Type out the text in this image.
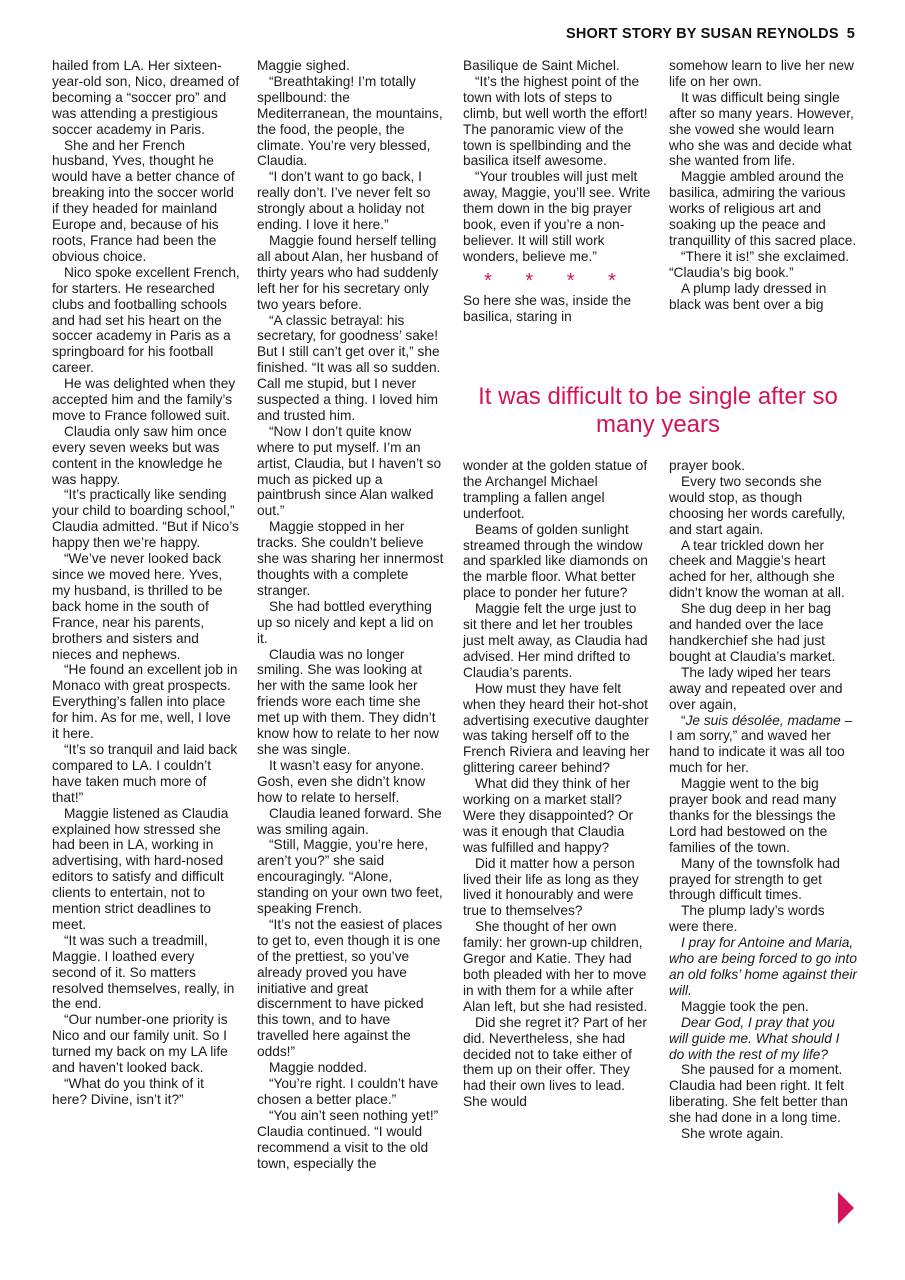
SHORT STORY BY SUSAN REYNOLDS 5

hailed from LA. Her sixteen-year-old son, Nico, dreamed of becoming a “soccer pro” and was attending a prestigious soccer academy in Paris.

She and her French husband, Yves, thought he would have a better chance of breaking into the soccer world if they headed for mainland Europe and, because of his roots, France had been the obvious choice.

Nico spoke excellent French, for starters. He researched clubs and footballing schools and had set his heart on the soccer academy in Paris as a springboard for his football career.

He was delighted when they accepted him and the family’s move to France followed suit.

Claudia only saw him once every seven weeks but was content in the knowledge he was happy.

“It’s practically like sending your child to boarding school,” Claudia admitted. “But if Nico’s happy then we’re happy.

“We’ve never looked back since we moved here. Yves, my husband, is thrilled to be back home in the south of France, near his parents, brothers and sisters and nieces and nephews.

“He found an excellent job in Monaco with great prospects. Everything’s fallen into place for him. As for me, well, I love it here.

“It’s so tranquil and laid back compared to LA. I couldn’t have taken much more of that!”

Maggie listened as Claudia explained how stressed she had been in LA, working in advertising, with hard-nosed editors to satisfy and difficult clients to entertain, not to mention strict deadlines to meet.

“It was such a treadmill, Maggie. I loathed every second of it. So matters resolved themselves, really, in the end.

“Our number-one priority is Nico and our family unit. So I turned my back on my LA life and haven’t looked back.

“What do you think of it here? Divine, isn’t it?”

Maggie sighed.

“Breathtaking! I’m totally spellbound: the Mediterranean, the mountains, the food, the people, the climate. You’re very blessed, Claudia.

“I don’t want to go back, I really don’t. I’ve never felt so strongly about a holiday not ending. I love it here.”

Maggie found herself telling all about Alan, her husband of thirty years who had suddenly left her for his secretary only two years before.

“A classic betrayal: his secretary, for goodness’ sake! But I still can’t get over it,” she finished. “It was all so sudden. Call me stupid, but I never suspected a thing. I loved him and trusted him.

“Now I don’t quite know where to put myself. I’m an artist, Claudia, but I haven’t so much as picked up a paintbrush since Alan walked out.”

Maggie stopped in her tracks. She couldn’t believe she was sharing her innermost thoughts with a complete stranger.

She had bottled everything up so nicely and kept a lid on it.

Claudia was no longer smiling. She was looking at her with the same look her friends wore each time she met up with them. They didn’t know how to relate to her now she was single.

It wasn’t easy for anyone. Gosh, even she didn’t know how to relate to herself.

Claudia leaned forward. She was smiling again.

“Still, Maggie, you’re here, aren’t you?” she said encouragingly. “Alone, standing on your own two feet, speaking French.

“It’s not the easiest of places to get to, even though it is one of the prettiest, so you’ve already proved you have initiative and great discernment to have picked this town, and to have travelled here against the odds!”

Maggie nodded.

“You’re right. I couldn’t have chosen a better place.”

“You ain’t seen nothing yet!” Claudia continued. “I would recommend a visit to the old town, especially the

Basilique de Saint Michel.

“It’s the highest point of the town with lots of steps to climb, but well worth the effort! The panoramic view of the town is spellbinding and the basilica itself awesome.

“Your troubles will just melt away, Maggie, you’ll see. Write them down in the big prayer book, even if you’re a non-believer. It will still work wonders, believe me.”

* * * *

So here she was, inside the basilica, staring in

somehow learn to live her new life on her own.

It was difficult being single after so many years. However, she vowed she would learn who she was and decide what she wanted from life.

Maggie ambled around the basilica, admiring the various works of religious art and soaking up the peace and tranquillity of this sacred place.

“There it is!” she exclaimed. “Claudia’s big book.”

A plump lady dressed in black was bent over a big

It was difficult to be single after so many years

wonder at the golden statue of the Archangel Michael trampling a fallen angel underfoot.

Beams of golden sunlight streamed through the window and sparkled like diamonds on the marble floor. What better place to ponder her future?

Maggie felt the urge just to sit there and let her troubles just melt away, as Claudia had advised. Her mind drifted to Claudia’s parents.

How must they have felt when they heard their hot-shot advertising executive daughter was taking herself off to the French Riviera and leaving her glittering career behind?

What did they think of her working on a market stall? Were they disappointed? Or was it enough that Claudia was fulfilled and happy?

Did it matter how a person lived their life as long as they lived it honourably and were true to themselves?

She thought of her own family: her grown-up children, Gregor and Katie. They had both pleaded with her to move in with them for a while after Alan left, but she had resisted.

Did she regret it? Part of her did. Nevertheless, she had decided not to take either of them up on their offer. They had their own lives to lead. She would

prayer book.

Every two seconds she would stop, as though choosing her words carefully, and start again.

A tear trickled down her cheek and Maggie’s heart ached for her, although she didn’t know the woman at all.

She dug deep in her bag and handed over the lace handkerchief she had just bought at Claudia’s market.

The lady wiped her tears away and repeated over and over again,

“Je suis désolée, madame – I am sorry,” and waved her hand to indicate it was all too much for her.

Maggie went to the big prayer book and read many thanks for the blessings the Lord had bestowed on the families of the town.

Many of the townsfolk had prayed for strength to get through difficult times.

The plump lady’s words were there.

I pray for Antoine and Maria, who are being forced to go into an old folks’ home against their will.

Maggie took the pen.

Dear God, I pray that you will guide me. What should I do with the rest of my life?

She paused for a moment. Claudia had been right. It felt liberating. She felt better than she had done in a long time.

She wrote again.
